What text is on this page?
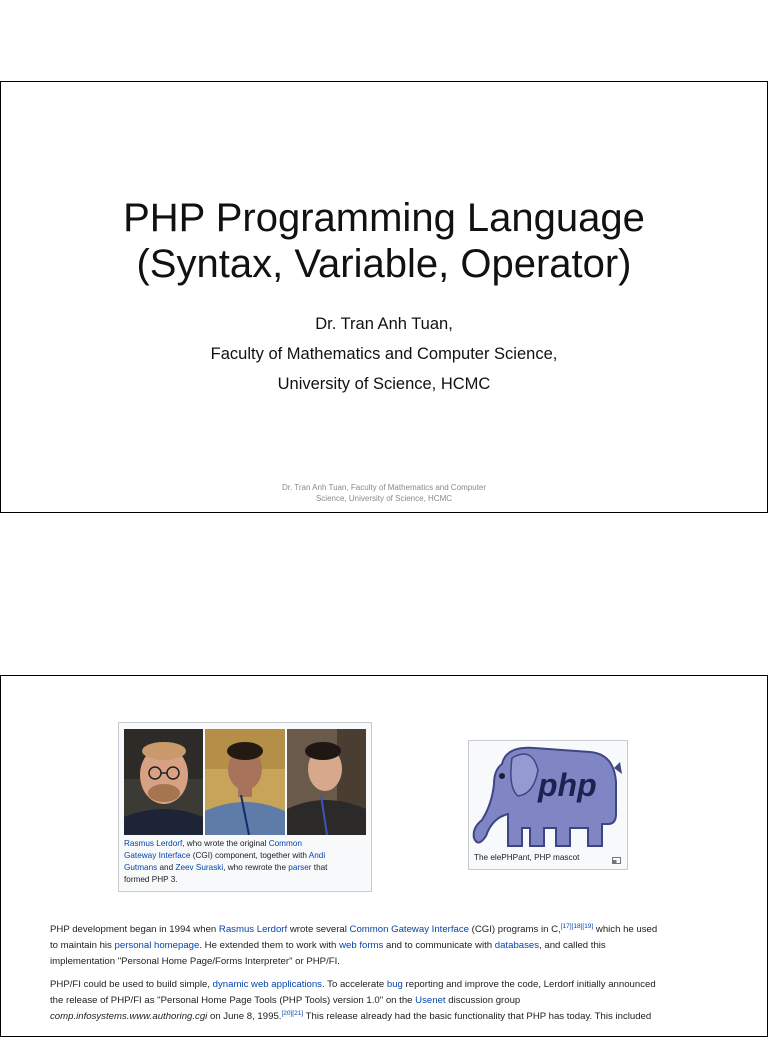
PHP Programming Language
(Syntax, Variable, Operator)
Dr. Tran Anh Tuan,
Faculty of Mathematics and Computer Science,
University of Science, HCMC
Dr. Tran Anh Tuan, Faculty of Mathematics and Computer
Science, University of Science, HCMC
Rasmus Lerdorf, who wrote the original Common
Gateway Interface (CGI) component, together with Andi
Gutmans and Zeev Suraski, who rewrote the parser that
formed PHP 3.
php
The elePHPant, PHP mascot
PHP development began in 1994 when Rasmus Lerdorf wrote several Common Gateway Interface (CGI) programs in C,[17][18][19] which he used
to maintain his personal homepage. He extended them to work with web forms and to communicate with databases, and called this
implementation "Personal Home Page/Forms Interpreter" or PHP/FI.
PHP/FI could be used to build simple, dynamic web applications. To accelerate bug reporting and improve the code, Lerdorf initially announced
the release of PHP/FI as "Personal Home Page Tools (PHP Tools) version 1.0" on the Usenet discussion group
comp.infosystems.www.authoring.cgi on June 8, 1995.[20][21] This release already had the basic functionality that PHP has today. This included
